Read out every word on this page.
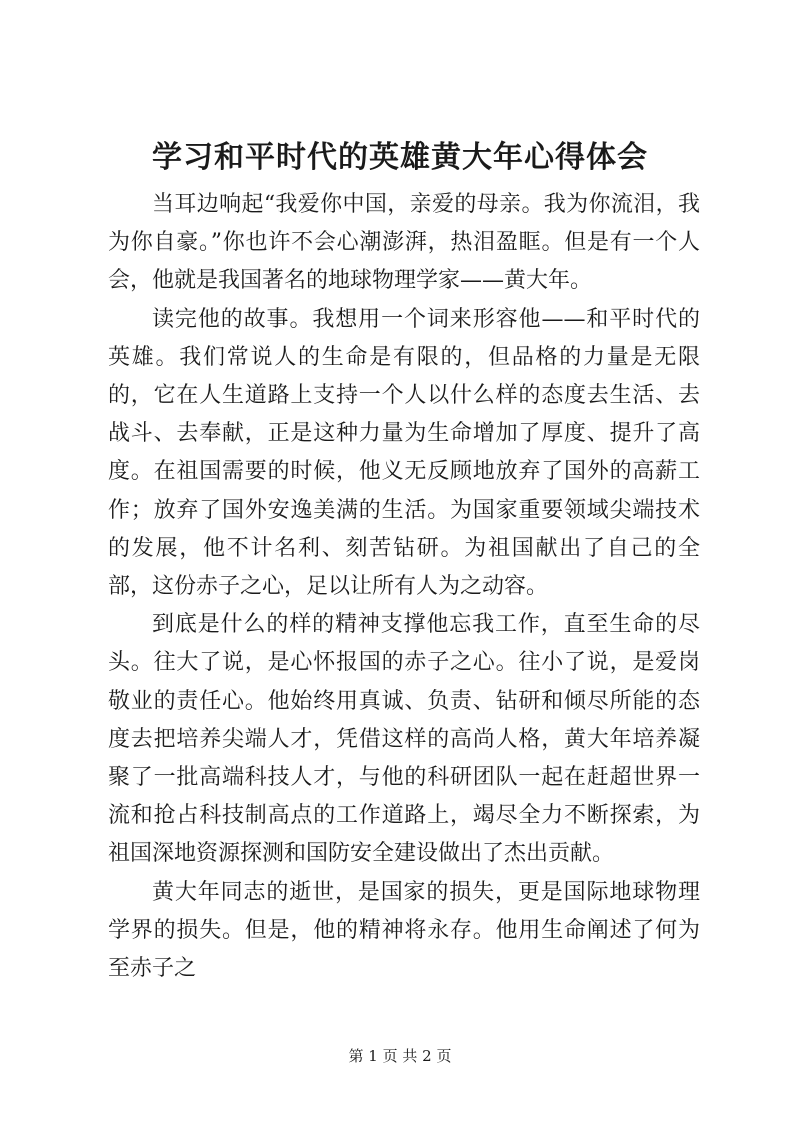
学习和平时代的英雄黄大年心得体会

当耳边响起“我爱你中国，亲爱的母亲。我为你流泪，我为你自豪。”你也许不会心潮澎湃，热泪盈眶。但是有一个人会，他就是我国著名的地球物理学家——黄大年。

读完他的故事。我想用一个词来形容他——和平时代的英雄。我们常说人的生命是有限的，但品格的力量是无限的，它在人生道路上支持一个人以什么样的态度去生活、去战斗、去奉献，正是这种力量为生命增加了厚度、提升了高度。在祖国需要的时候，他义无反顾地放弃了国外的高薪工作；放弃了国外安逸美满的生活。为国家重要领域尖端技术的发展，他不计名利、刻苦钻研。为祖国献出了自己的全部，这份赤子之心，足以让所有人为之动容。

到底是什么的样的精神支撑他忘我工作，直至生命的尽头。往大了说，是心怀报国的赤子之心。往小了说，是爱岗敬业的责任心。他始终用真诚、负责、钻研和倾尽所能的态度去把培养尖端人才，凭借这样的高尚人格，黄大年培养凝聚了一批高端科技人才，与他的科研团队一起在赶超世界一流和抢占科技制高点的工作道路上，竭尽全力不断探索，为祖国深地资源探测和国防安全建设做出了杰出贡献。

黄大年同志的逝世，是国家的损失，更是国际地球物理学界的损失。但是，他的精神将永存。他用生命阐述了何为至赤子之

第 1 页 共 2 页
